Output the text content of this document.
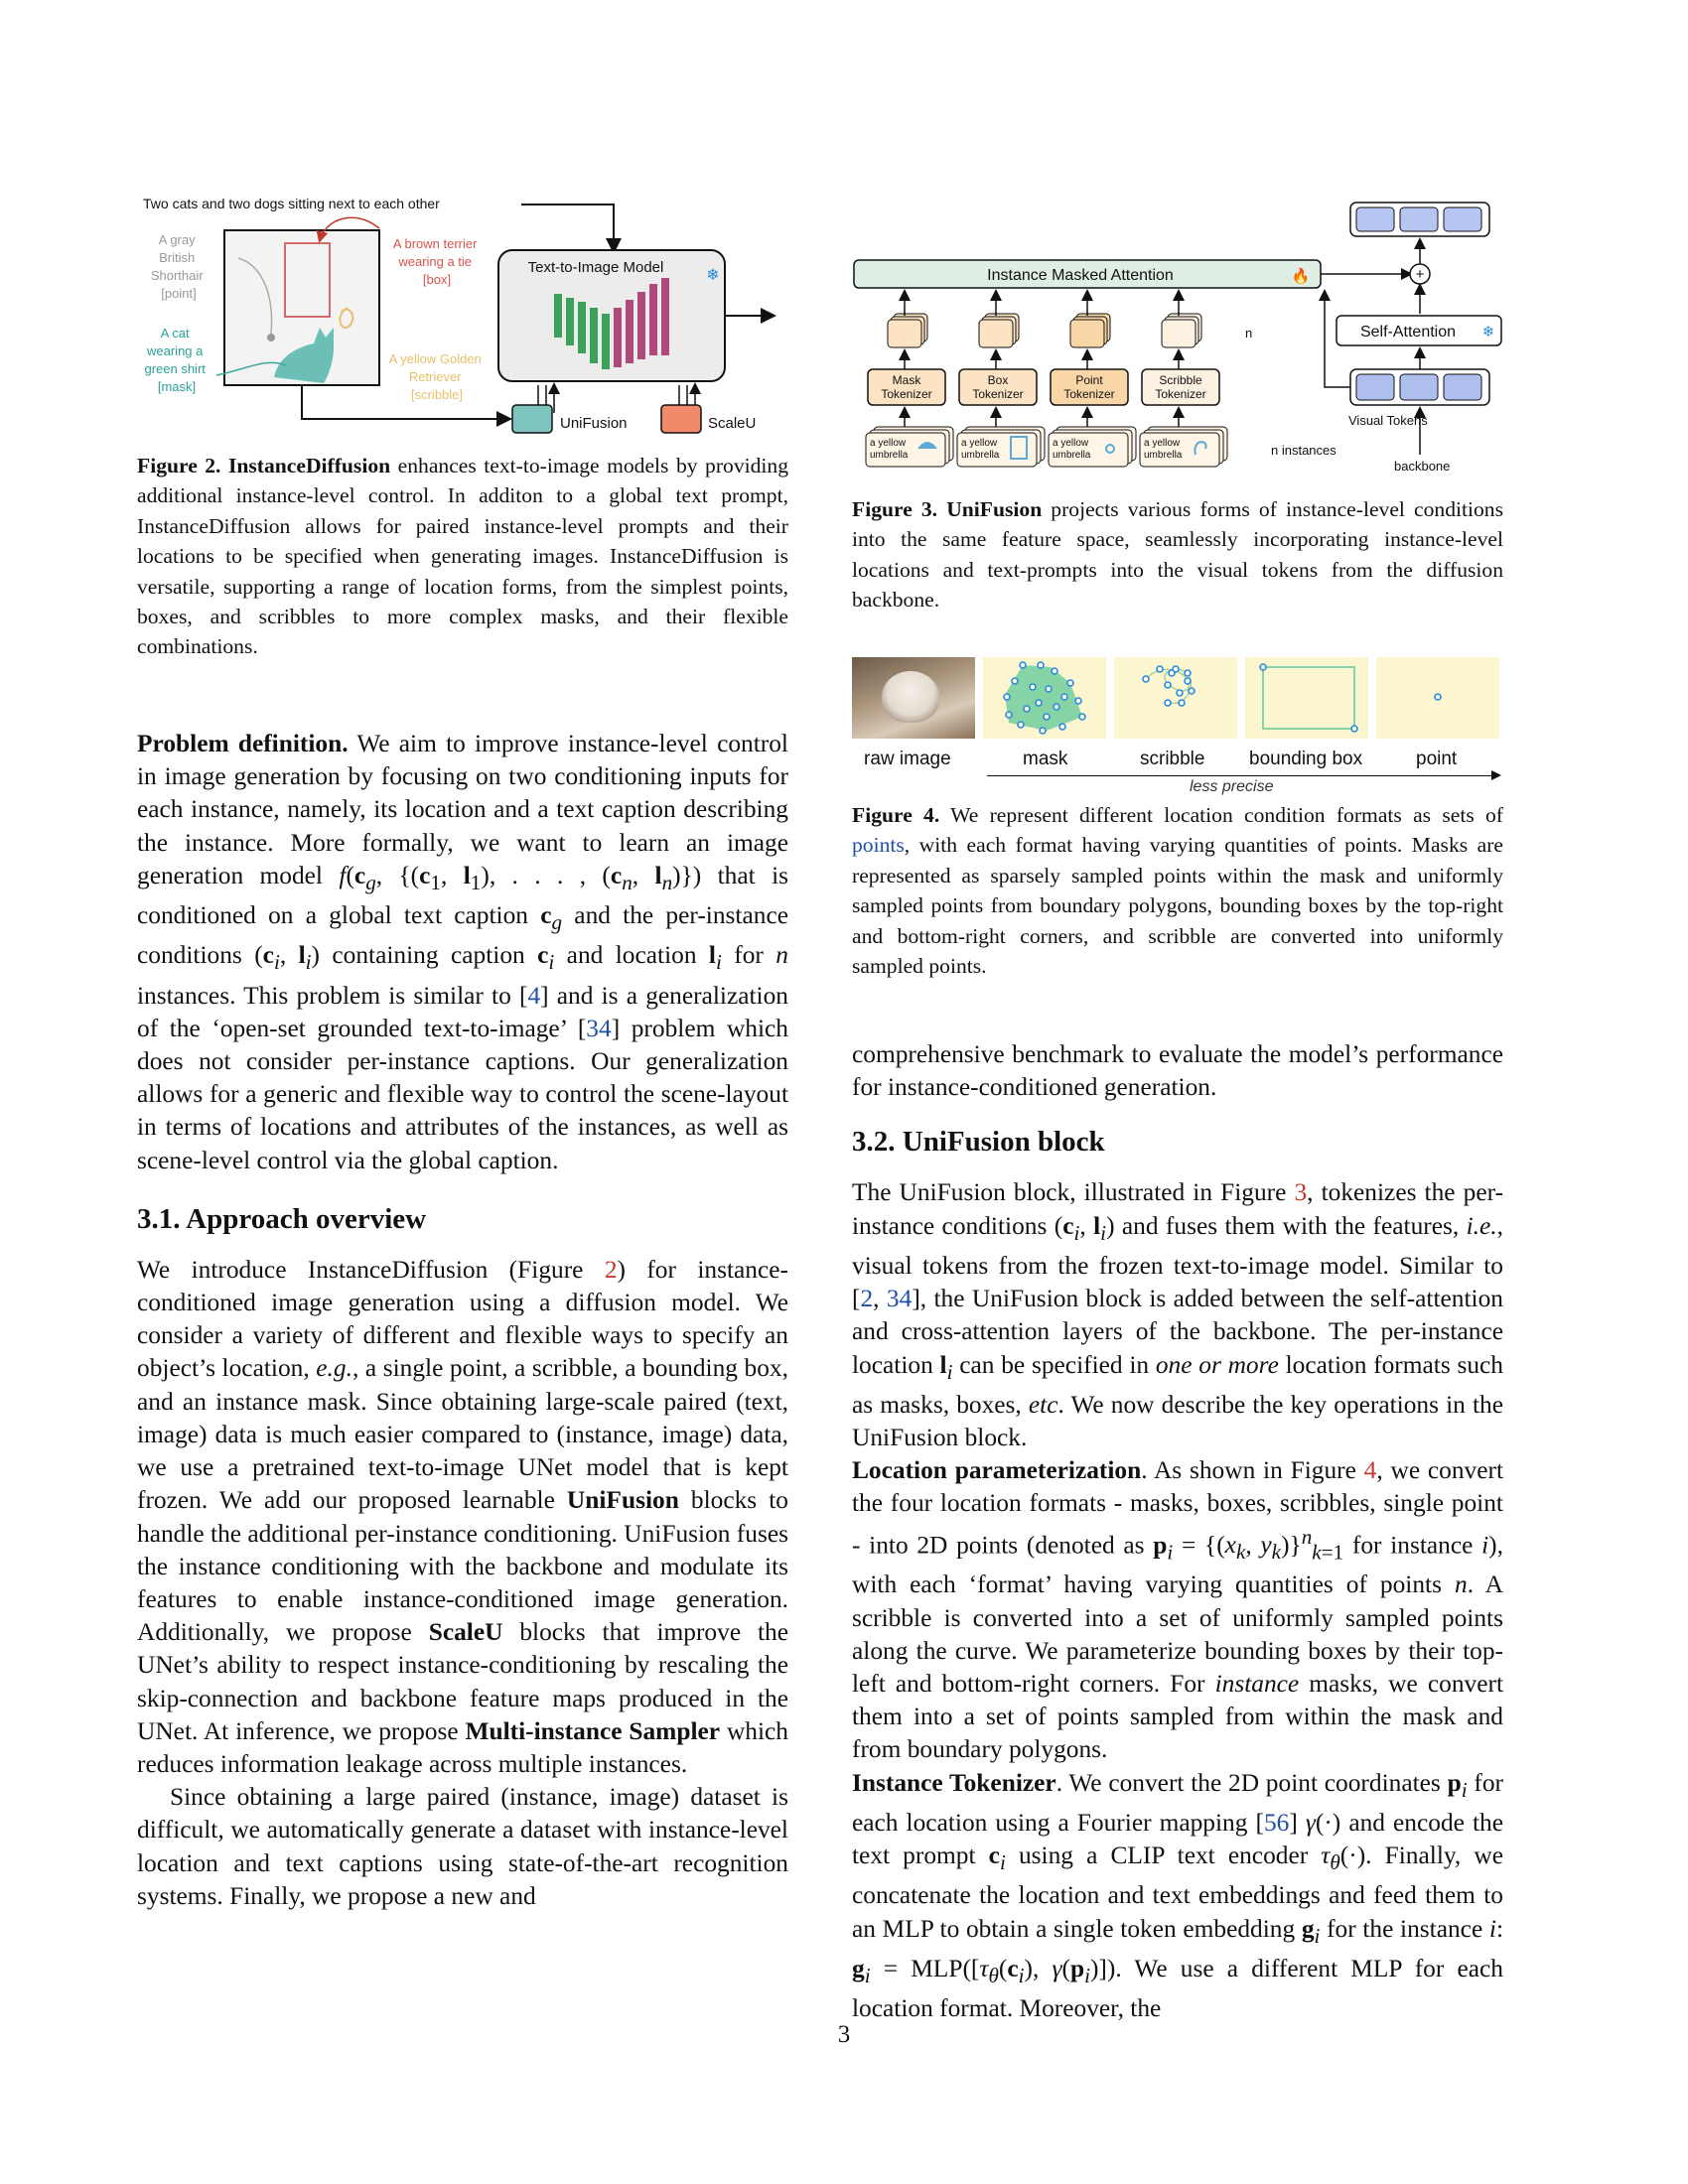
Two cats and two dogs sitting next to each other
A gray British Shorthair [point]
A cat wearing a green shirt [mask]
A brown terrier wearing a tie [box]
A yellow Golden Retriever [scribble]
Text-to-Image Model	❄
UniFusion	ScaleU

Figure 2. InstanceDiffusion enhances text-to-image models by providing additional instance-level control. In additon to a global text prompt, InstanceDiffusion allows for paired instance-level prompts and their locations to be specified when generating images. InstanceDiffusion is versatile, supporting a range of location forms, from the simplest points, boxes, and scribbles to more complex masks, and their flexible combinations.

Problem definition. We aim to improve instance-level control in image generation by focusing on two conditioning inputs for each instance, namely, its location and a text caption describing the instance. More formally, we want to learn an image generation model $f(c_g$, {($c_1$, $l_1$), . . . , ($c_n$, $l_n$)}) that is conditioned on a global text caption $c_g$ and the per-instance conditions ($c_i$, $l_i$) containing caption $c_i$ and location $l_i$ for n instances. This problem is similar to [4] and is a generalization of the ‘open-set grounded text-to-image’ [34] problem which does not consider per-instance captions. Our generalization allows for a generic and flexible way to control the scene-layout in terms of locations and attributes of the instances, as well as scene-level control via the global caption.

3.1. Approach overview

We introduce InstanceDiffusion (Figure 2) for instance-conditioned image generation using a diffusion model. We consider a variety of different and flexible ways to specify an object’s location, e.g., a single point, a scribble, a bounding box, and an instance mask. Since obtaining large-scale paired (text, image) data is much easier compared to (instance, image) data, we use a pretrained text-to-image UNet model that is kept frozen. We add our proposed learnable UniFusion blocks to handle the additional per-instance conditioning. UniFusion fuses the instance conditioning with the backbone and modulate its features to enable instance-conditioned image generation. Additionally, we propose ScaleU blocks that improve the UNet’s ability to respect instance-conditioning by rescaling the skip-connection and backbone feature maps produced in the UNet. At inference, we propose Multi-instance Sampler which reduces information leakage across multiple instances.

Since obtaining a large paired (instance, image) dataset is difficult, we automatically generate a dataset with instance-level location and text captions using state-of-the-art recognition systems. Finally, we propose a new and

Instance Masked Attention	🔥	+
Self-Attention ❄
Visual Tokens
backbone
Mask
Tokenizer
a yellow
umbrella
Box
Tokenizer
a yellow
umbrella
Point
Tokenizer
a yellow
umbrella
Scribble
Tokenizer
a yellow
umbrella
n
n instances

Figure 3. UniFusion projects various forms of instance-level conditions into the same feature space, seamlessly incorporating instance-level locations and text-prompts into the visual tokens from the diffusion backbone.

raw image	mask	scribble bounding box	point
less precise

Figure 4. We represent different location condition formats as sets of points, with each format having varying quantities of points. Masks are represented as sparsely sampled points within the mask and uniformly sampled points from boundary polygons, bounding boxes by the top-right and bottom-right corners, and scribble are converted into uniformly sampled points.

comprehensive benchmark to evaluate the model’s performance for instance-conditioned generation.

3.2. UniFusion block

The UniFusion block, illustrated in Figure 3, tokenizes the per-instance conditions ($c_i$, $l_i$) and fuses them with the features, i.e., visual tokens from the frozen text-to-image model. Similar to [2, 34], the UniFusion block is added between the self-attention and cross-attention layers of the backbone. The per-instance location $l_i$ can be specified in one or more location formats such as masks, boxes, etc. We now describe the key operations in the UniFusion block.

Location parameterization. As shown in Figure 4, we convert the four location formats - masks, boxes, scribbles, single point - into 2D points (denoted as $p_i = \{(x_k$, $y_k)\}^n_{k=1}$ for instance i), with each ‘format’ having varying quantities of points n. A scribble is converted into a set of uniformly sampled points along the curve. We parameterize bounding boxes by their top-left and bottom-right corners. For instance masks, we convert them into a set of points sampled from within the mask and from boundary polygons.

Instance Tokenizer. We convert the 2D point coordinates $p_i$ for each location using a Fourier mapping [56] γ(·) and encode the text prompt $c_i$ using a CLIP text encoder $\tau_\theta(\cdot)$. Finally, we concatenate the location and text embeddings and feed them to an MLP to obtain a single token embedding $g_i$ for the instance i: $g_i = MLP([\tau_\theta(c_i)$, $\gamma(p_i)$]). We use a different MLP for each location format. Moreover, the

3
